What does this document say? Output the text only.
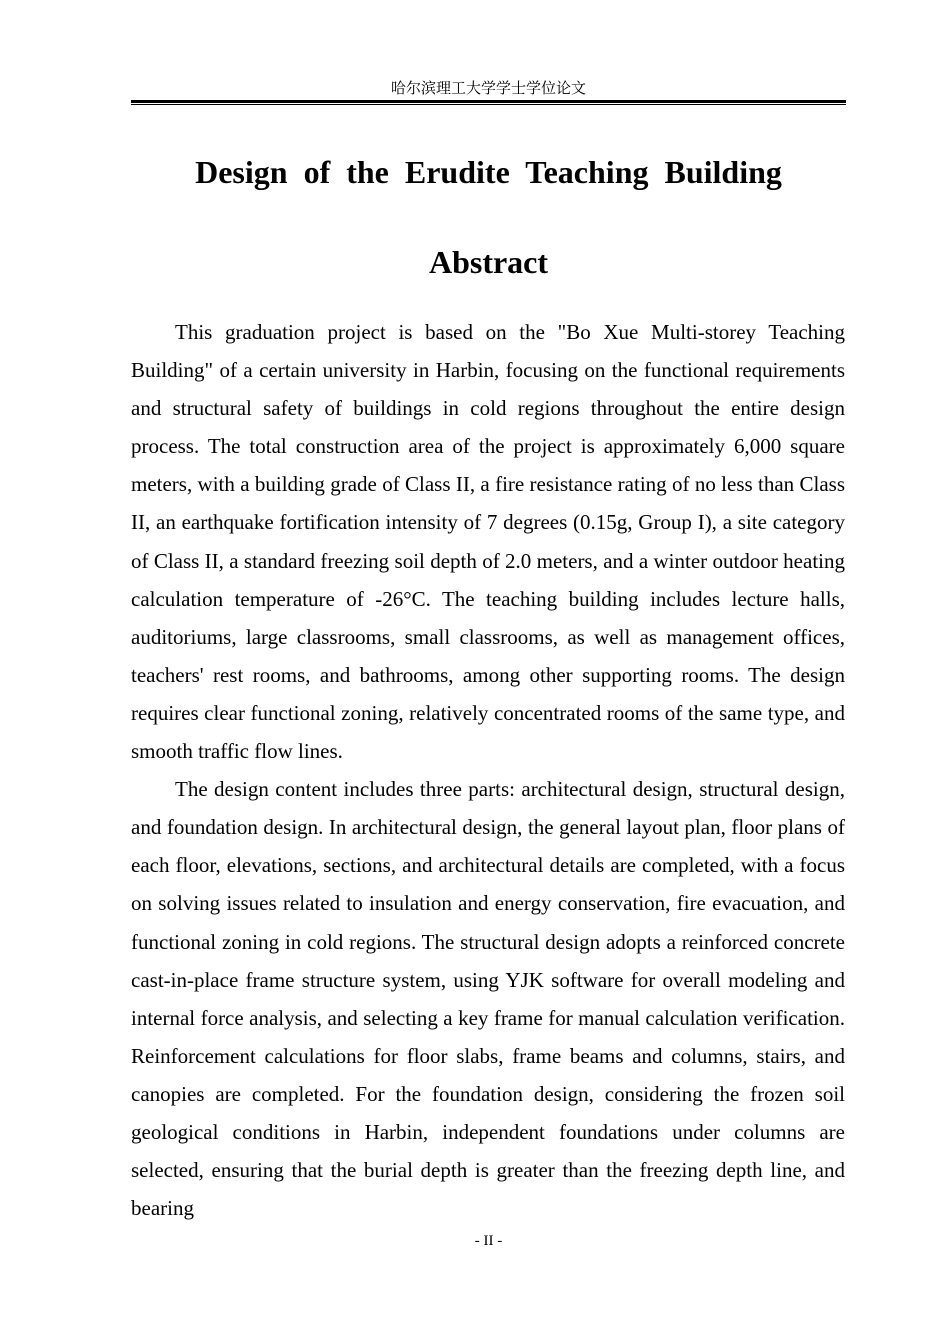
哈尔滨理工大学学士学位论文
Design of the Erudite Teaching Building
Abstract

This graduation project is based on the "Bo Xue Multi-storey Teaching Building" of a certain university in Harbin, focusing on the functional requirements and structural safety of buildings in cold regions throughout the entire design process. The total construction area of the project is approximately 6,000 square meters, with a building grade of Class II, a fire resistance rating of no less than Class II, an earthquake fortification intensity of 7 degrees (0.15g, Group I), a site category of Class II, a standard freezing soil depth of 2.0 meters, and a winter outdoor heating calculation temperature of -26°C. The teaching building includes lecture halls, auditoriums, large classrooms, small classrooms, as well as management offices, teachers' rest rooms, and bathrooms, among other supporting rooms. The design requires clear functional zoning, relatively concentrated rooms of the same type, and smooth traffic flow lines.

The design content includes three parts: architectural design, structural design, and foundation design. In architectural design, the general layout plan, floor plans of each floor, elevations, sections, and architectural details are completed, with a focus on solving issues related to insulation and energy conservation, fire evacuation, and functional zoning in cold regions. The structural design adopts a reinforced concrete cast-in-place frame structure system, using YJK software for overall modeling and internal force analysis, and selecting a key frame for manual calculation verification. Reinforcement calculations for floor slabs, frame beams and columns, stairs, and canopies are completed. For the foundation design, considering the frozen soil geological conditions in Harbin, independent foundations under columns are selected, ensuring that the burial depth is greater than the freezing depth line, and bearing

- II -
